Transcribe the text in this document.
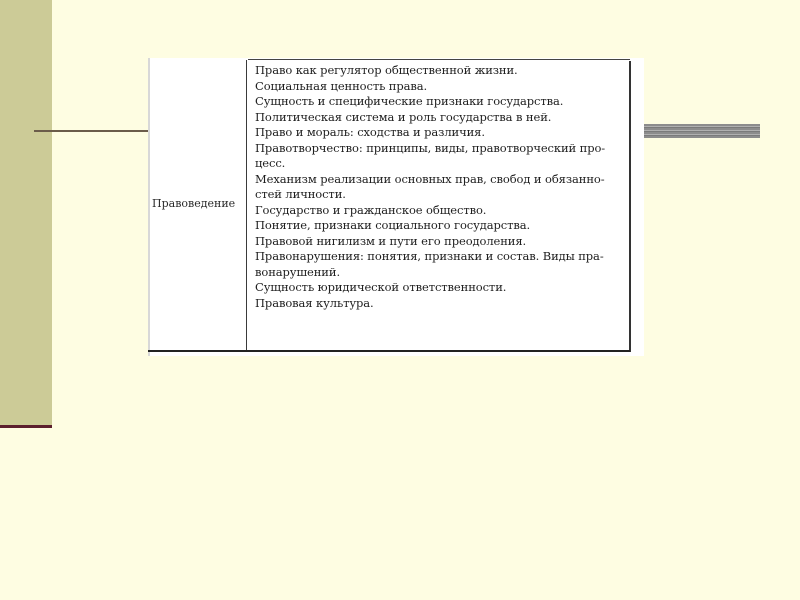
Правоведение
Право как регулятор общественной жизни.
Социальная ценность права.
Сущность и специфические признаки государства.
Политическая система и роль государства в ней.
Право и мораль: сходства и различия.
Правотворчество: принципы, виды, правотворческий про-
цесс.
Механизм реализации основных прав, свобод и обязанно-
стей личности.
Государство и гражданское общество.
Понятие, признаки социального государства.
Правовой нигилизм и пути его преодоления.
Правонарушения: понятия, признаки и состав. Виды пра-
вонарушений.
Сущность юридической ответственности.
Правовая культура.
